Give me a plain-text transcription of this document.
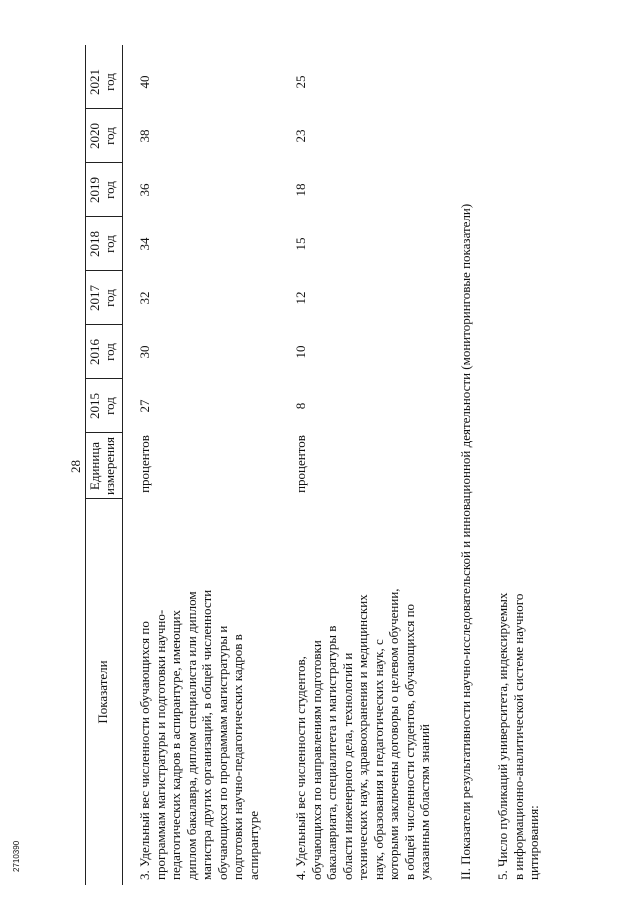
28
Показатели
Единица измерения
2015 год
2016 год
2017 год
2018 год
2019 год
2020 год
2021 год
3. Удельный вес численности обучающихся по программам магистратуры и подготовки научно- педагогических кадров в аспирантуре, имеющих диплом бакалавра, диплом специалиста или диплом магистра других организаций, в общей численности обучающихся по программам магистратуры и подготовки научно-педагогических кадров в аспирантуре
процентов
27
30
32
34
36
38
40
4. Удельный вес численности студентов, обучающихся по направлениям подготовки бакалавриата, специалитета и магистратуры в области инженерного дела, технологий и технических наук, здравоохранения и медицинских наук, образования и педагогических наук, с которыми заключены договоры о целевом обучении, в общей численности студентов, обучающихся по указанным областям знаний
процентов
8
10
12
15
18
23
25
II. Показатели результативности научно-исследовательской и инновационной деятельности (мониторинговые показатели) 5. Число публикаций университета, индексируемых в информационно-аналитической системе научного цитирования:
2710390
